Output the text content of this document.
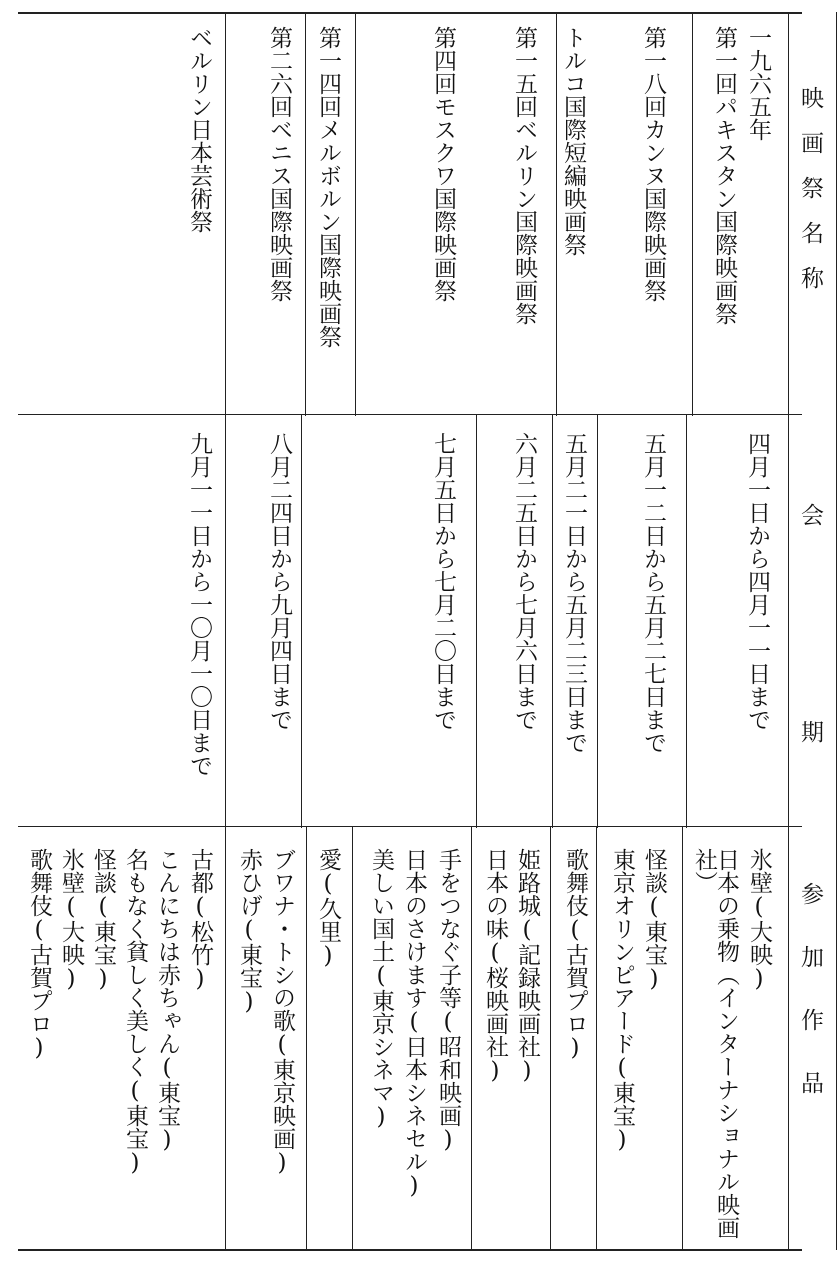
映画祭名称
会
期
参加作品
一九六五年
第一回パキスタン国際映画祭
第一八回カンヌ国際映画祭
トルコ国際短編映画祭
第一五回ベルリン国際映画祭
第四回モスクワ国際映画祭
第一四回メルボルン国際映画祭
第二六回ベニス国際映画祭
ベルリン日本芸術祭
四月一日から四月一一日まで
五月一二日から五月二七日まで
五月二一日から五月二三日まで
六月二五日から七月六日まで
七月五日から七月二〇日まで
八月二四日から九月四日まで
九月一一日から一〇月一〇日まで
氷壁(大映)
日本の乗物（インターナショナル映画
社）
怪談(東宝)
東京オリンピアード(東宝)
歌舞伎(古賀プロ)
姫路城(記録映画社)
日本の味(桜映画社)
手をつなぐ子等(昭和映画)
日本のさけます(日本シネセル)
美しい国土(東京シネマ)
愛(久里)
ブワナ・トシの歌(東京映画)
赤ひげ(東宝)
古都(松竹)
こんにちは赤ちゃん(東宝)
名もなく貧しく美しく(東宝)
怪談(東宝)
氷壁(大映)
歌舞伎(古賀プロ)
